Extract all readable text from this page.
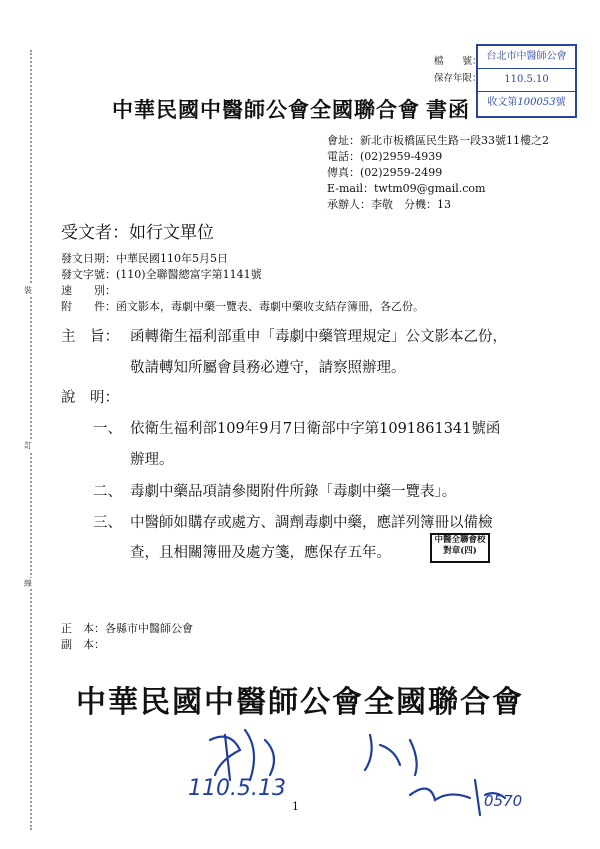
裝
訂
線
檔　　號：
保存年限：
台北市中醫師公會
110.5.10
收文第100053號
中華民國中醫師公會全國聯合會 書函
會址：新北市板橋區民生路一段33號11樓之2
電話：(02)2959-4939
傳真：(02)2959-2499
E-mail：twtm09@gmail.com
承辦人：李敬　分機：13
受文者：如行文單位
發文日期：中華民國110年5月5日
發文字號：(110)全聯醫總富字第1141號
速　　別：
附　　件：函文影本，毒劇中藥一覽表、毒劇中藥收支結存簿冊，各乙份。
主　旨： 函轉衛生福利部重申「毒劇中藥管理規定」公文影本乙份，
敬請轉知所屬會員務必遵守，請察照辦理。
說　明：
一、 依衛生福利部109年9月7日衛部中字第1091861341號函
辦理。
二、 毒劇中藥品項請參閱附件所錄「毒劇中藥一覽表」。
三、 中醫師如購存或處方、調劑毒劇中藥，應詳列簿冊以備檢
查，且相關簿冊及處方箋，應保存五年。
中醫全聯會校對章(四)
正　本：各縣市中醫師公會
副　本：
中華民國中醫師公會全國聯合會
110.5.13	0570
1
